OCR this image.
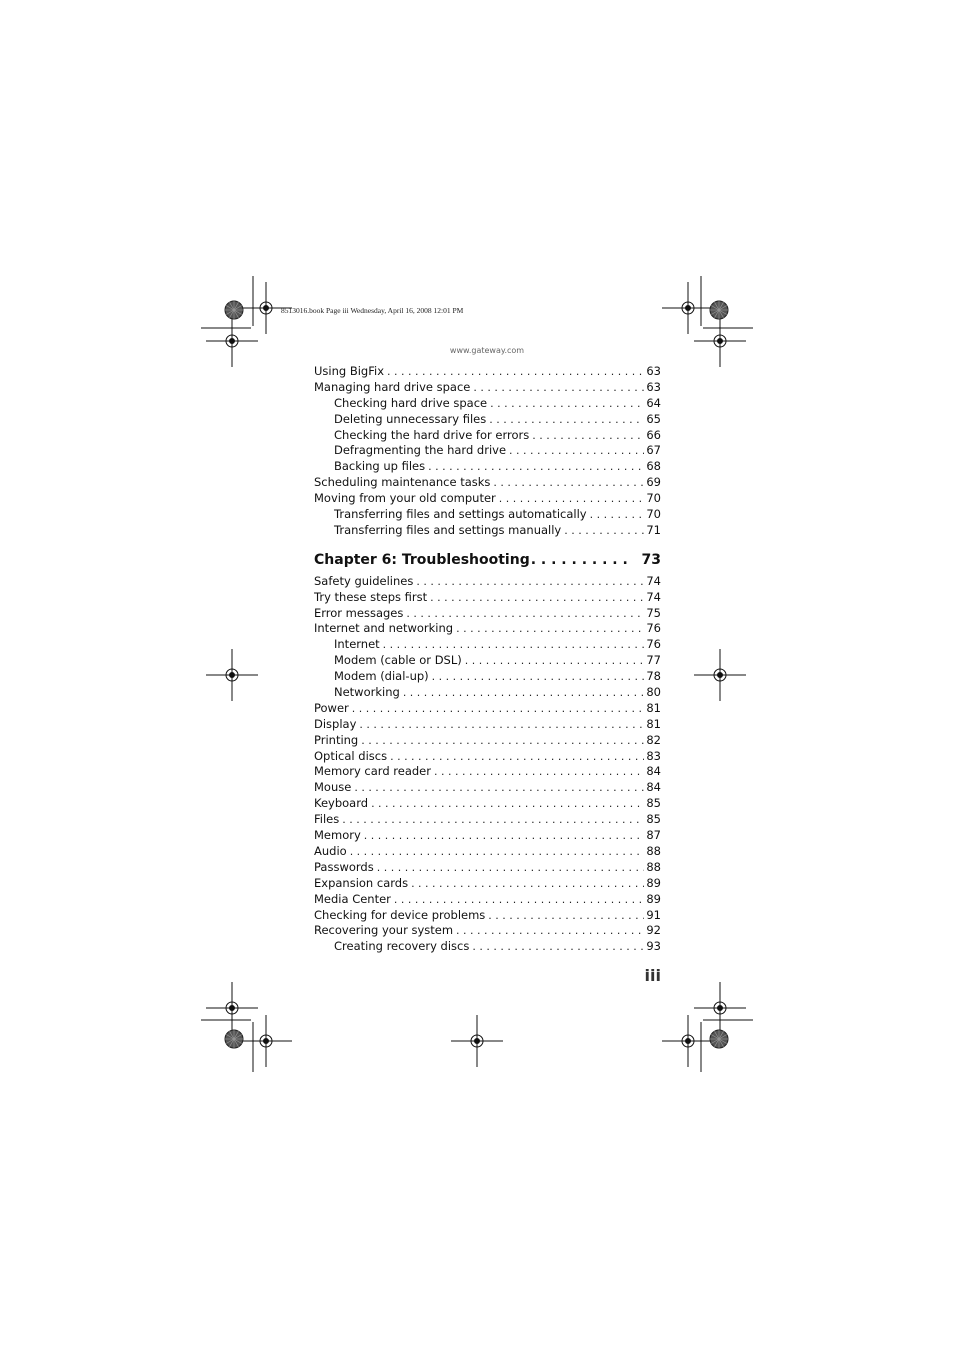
8513016.book Page iii Wednesday, April 16, 2008 12:01 PM
www.gateway.com
Using BigFix . . .	63
Managing hard drive space . . .	63
Checking hard drive space . . .	64
Deleting unnecessary files . . .	65
Checking the hard drive for errors . . .	66
Defragmenting the hard drive . . .	67
Backing up files . . .	68
Scheduling maintenance tasks . . .	69
Moving from your old computer . . .	70
Transferring files and settings automatically . . .	70
Transferring files and settings manually . . .	71
Chapter 6: Troubleshooting . . .	73
Safety guidelines . . .	74
Try these steps first . . .	74
Error messages . . .	75
Internet and networking . . .	76
Internet . . .	76
Modem (cable or DSL) . . .	77
Modem (dial-up) . . .	78
Networking . . .	80
Power . . .	81
Display . . .	81
Printing . . .	82
Optical discs . . .	83
Memory card reader . . .	84
Mouse . . .	84
Keyboard . . .	85
Files . . .	85
Memory . . .	87
Audio . . .	88
Passwords . . .	88
Expansion cards . . .	89
Media Center . . .	89
Checking for device problems . . .	91
Recovering your system . . .	92
Creating recovery discs . . .	93
iii
